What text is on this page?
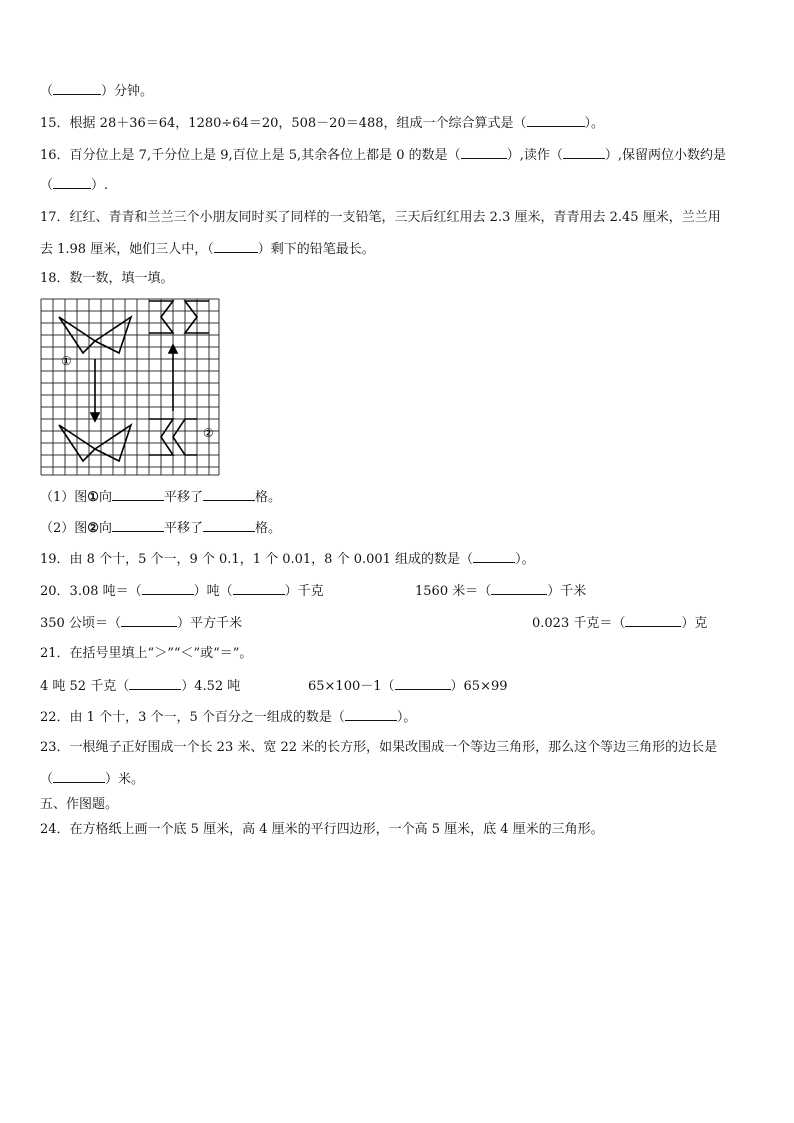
（	）分钟。
15．根据 28＋36＝64，1280÷64＝20，508－20＝488，组成一个综合算式是（	）。
16．百分位上是 7,千分位上是 9,百位上是 5,其余各位上都是 0 的数是（	）,读作（	）,保留两位小数约是
（	）.
17．红红、青青和兰兰三个小朋友同时买了同样的一支铅笔，三天后红红用去 2.3 厘米，青青用去 2.45 厘米，兰兰用
去 1.98 厘米，她们三人中，（	）剩下的铅笔最长。
18．数一数，填一填。
①
②
（1）图①向	平移了	格。
（2）图②向	平移了	格。
19．由 8 个十，5 个一，9 个 0.1，1 个 0.01，8 个 0.001 组成的数是（	）。
20．3.08 吨＝（	）吨（	）千克	1560 米＝（	）千米
350 公顷＝（	）平方千米	0.023 千克＝（	）克
21．在括号里填上“＞”“＜”或“＝”。
4 吨 52 千克（	）4.52 吨	65×100－1（	）65×99
22．由 1 个十，3 个一，5 个百分之一组成的数是（	）。
23．一根绳子正好围成一个长 23 米、宽 22 米的长方形，如果改围成一个等边三角形，那么这个等边三角形的边长是
（	）米。
五、作图题。
24．在方格纸上画一个底 5 厘米，高 4 厘米的平行四边形，一个高 5 厘米，底 4 厘米的三角形。
